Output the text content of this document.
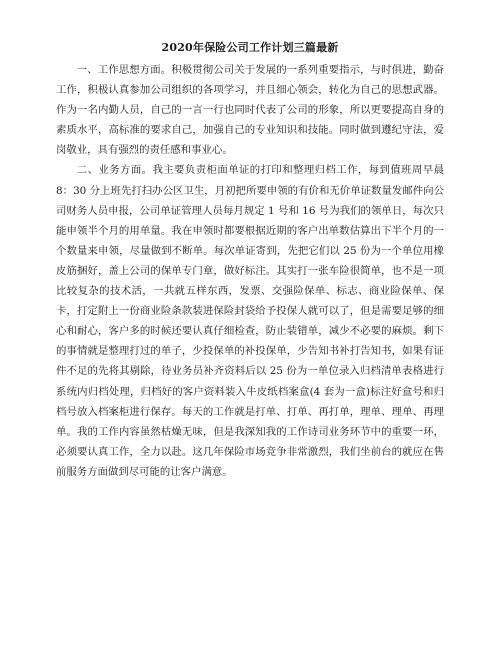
2020年保险公司工作计划三篇最新

一、工作思想方面。积极贯彻公司关于发展的一系列重要指示，与时俱进，勤奋工作，积极认真参加公司组织的各项学习，并且细心领会，转化为自己的思想武器。作为一名内勤人员，自己的一言一行也同时代表了公司的形象，所以更要提高自身的素质水平，高标准的要求自己，加强自己的专业知识和技能。同时做到遵纪守法，爱岗敬业，具有强烈的责任感和事业心。

二、业务方面。我主要负责柜面单证的打印和整理归档工作，每到值班周早晨 8：30 分上班先打扫办公区卫生，月初把所要申领的有价和无价单证数量发邮件向公司财务人员申报，公司单证管理人员每月规定 1 号和 16 号为我们的领单日，每次只能申领半个月的用单量。我在申领时都要根据近期的客户出单数估算出下半个月的一个数量来申领，尽量做到不断单。每次单证寄到，先把它们以 25 份为一个单位用橡皮筋捆好，盖上公司的保单专门章，做好标注。其实打一张车险很简单，也不是一项比较复杂的技术活，一共就五样东西，发票、交强险保单、标志、商业险保单、保卡，打定附上一份商业险条款装进保险封袋给予投保人就可以了，但是需要足够的细心和耐心，客户多的时候还要认真仔细检查，防止装错单，减少不必要的麻烦。剩下的事情就是整理打过的单子，少投保单的补投保单，少告知书补打告知书，如果有证件不足的先将其剔除，待业务员补齐资料后以 25 份为一单位录入归档清单表格进行系统内归档处理，归档好的客户资料装入牛皮纸档案盒(4 套为一盒)标注好盒号和归档号放入档案柜进行保存。每天的工作就是打单、打单、再打单，理单、理单、再理单。我的工作内容虽然枯燥无味，但是我深知我的工作诗司业务环节中的重要一环，必须要认真工作，全力以赴。这几年保险市场竞争非常激烈，我们坐前台的就应在售前服务方面做到尽可能的让客户满意。
